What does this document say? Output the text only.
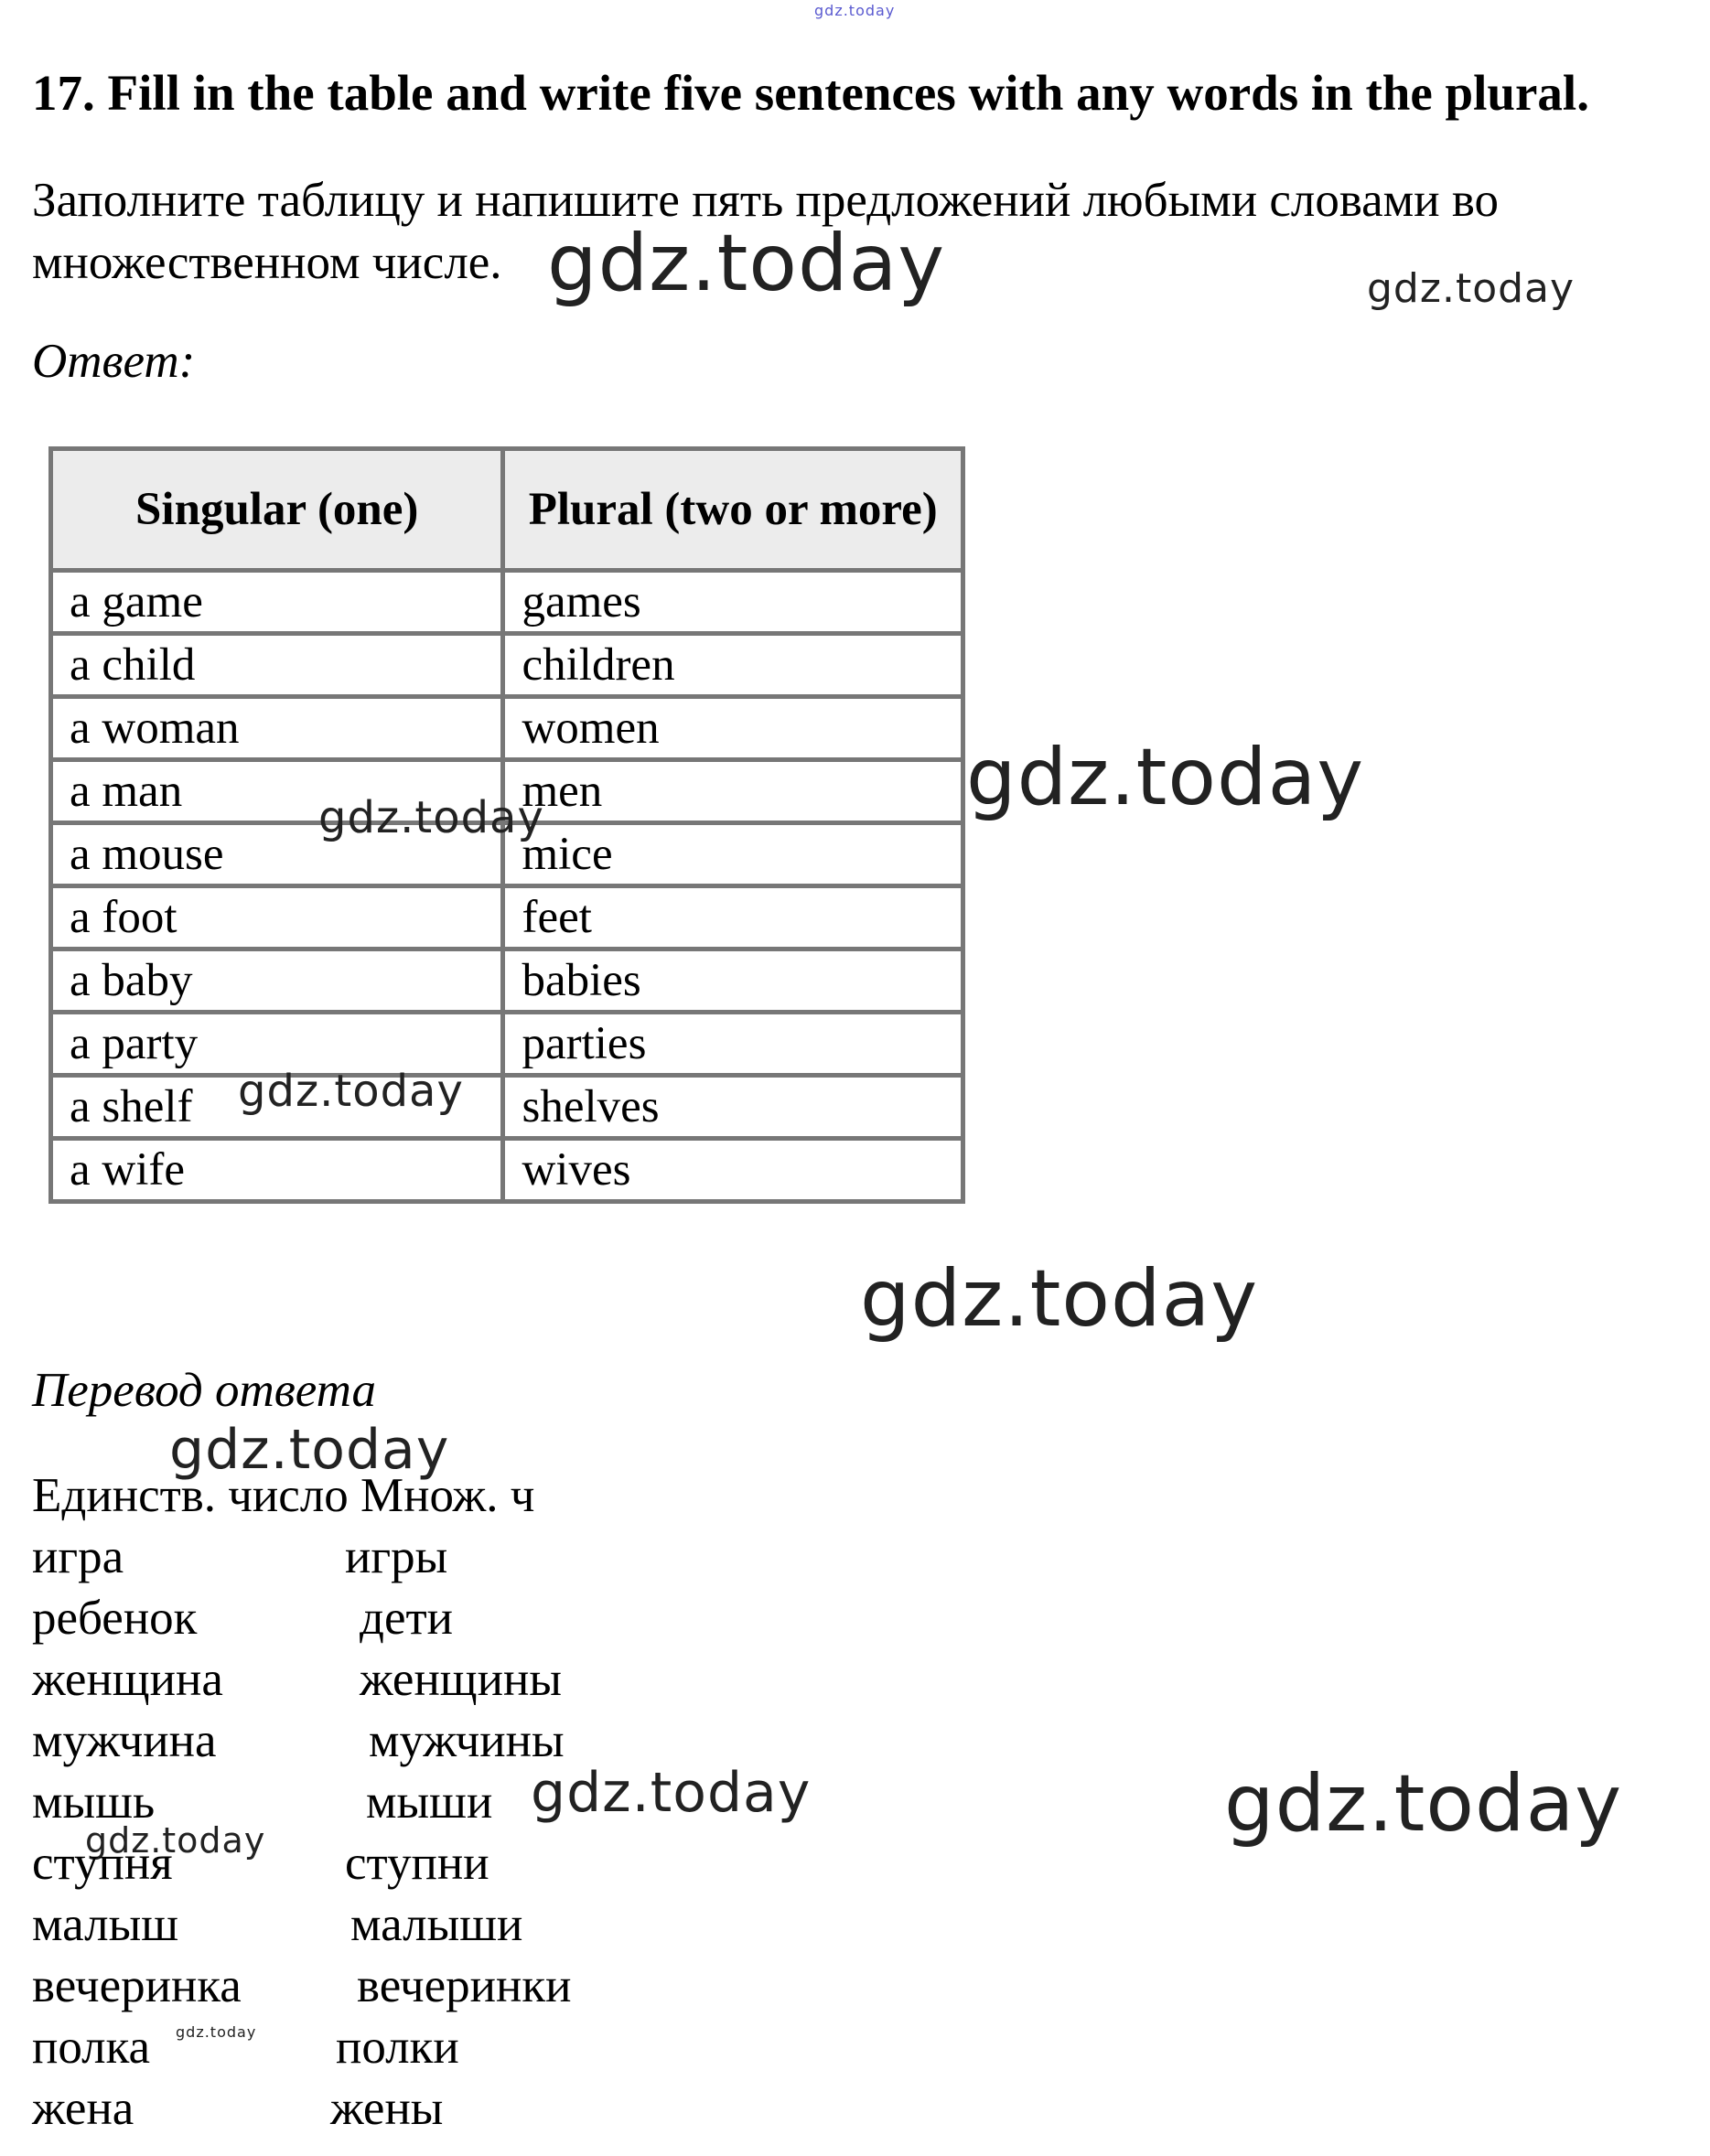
gdz.today
gdz.today	gdz.today
gdz.today
gdz.today
gdz.today
gdz.today
gdz.today
gdz.today	gdz.today
gdz.today
gdz.today
17. Fill in the table and write five sentences with any words in the plural.
Заполните таблицу и напишите пять предложений любыми словами во множественном числе.
Ответ:
Singular (one)	Plural (two or more)
a game	games
a child	children
a woman	women
a man	men
a mouse	mice
a foot	feet
a baby	babies
a party	parties
a shelf	shelves
a wife	wives
Перевод ответа
Единств. число Множ. ч
игра	игры
ребенок	дети
женщина	женщины
мужчина	мужчины
мышь	мыши
ступня	ступни
малыш	малыши
вечеринка вечеринки
полка	полки
жена	жены
